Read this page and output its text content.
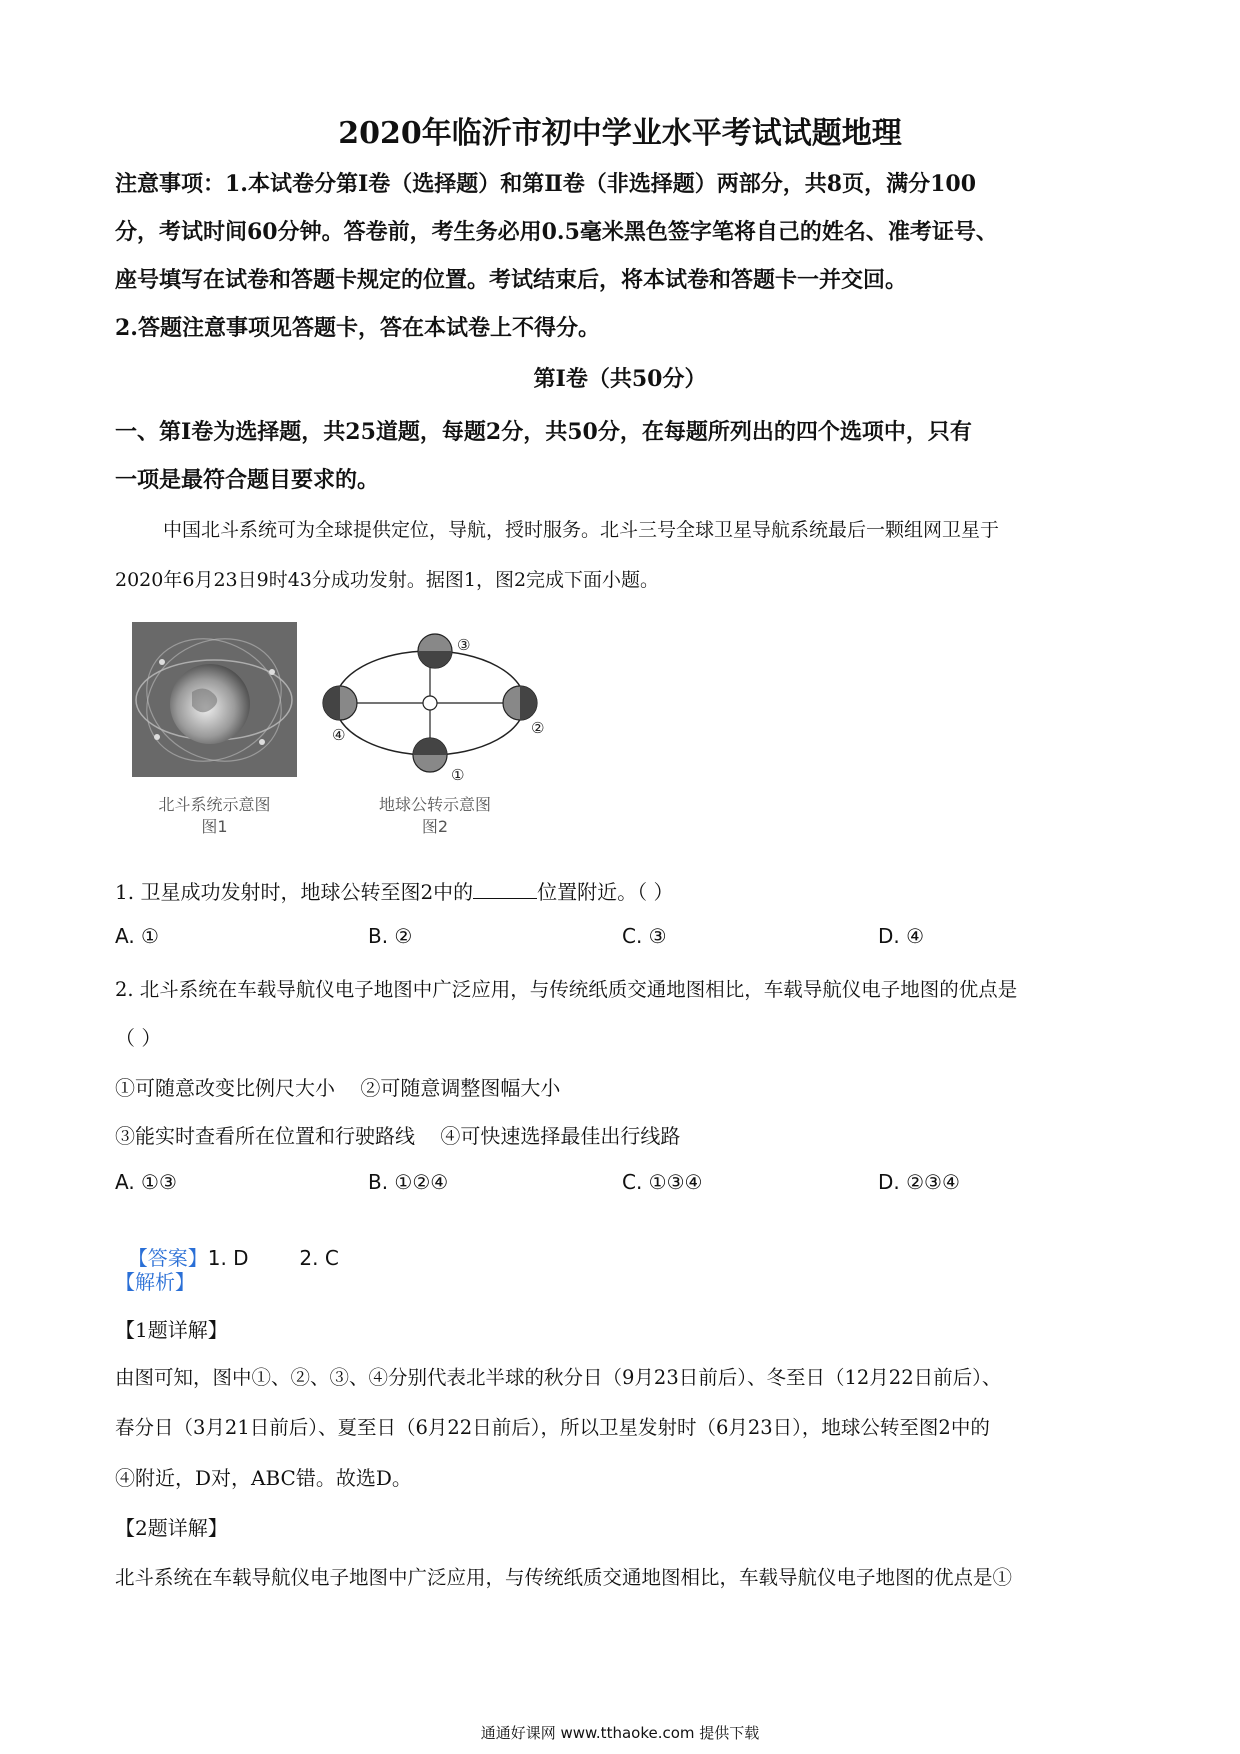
2020年临沂市初中学业水平考试试题地理
注意事项：1.本试卷分第Ⅰ卷（选择题）和第Ⅱ卷（非选择题）两部分，共8页，满分100
分，考试时间60分钟。答卷前，考生务必用0.5毫米黑色签字笔将自己的姓名、准考证号、
座号填写在试卷和答题卡规定的位置。考试结束后，将本试卷和答题卡一并交回。
2.答题注意事项见答题卡，答在本试卷上不得分。
第Ⅰ卷（共50分）
一、第Ⅰ卷为选择题，共25道题，每题2分，共50分，在每题所列出的四个选项中，只有
一项是最符合题目要求的。
中国北斗系统可为全球提供定位，导航，授时服务。北斗三号全球卫星导航系统最后一颗组网卫星于
2020年6月23日9时43分成功发射。据图1，图2完成下面小题。
北斗系统示意图
图1
③
②
①
④
地球公转示意图
图2
1. 卫星成功发射时，地球公转至图2中的	位置附近。（ ）
A. ①	B. ②	C. ③	D. ④
2. 北斗系统在车载导航仪电子地图中广泛应用，与传统纸质交通地图相比，车载导航仪电子地图的优点是
（ ）
①可随意改变比例尺大小    ②可随意调整图幅大小
③能实时查看所在位置和行驶路线    ④可快速选择最佳出行线路
A. ①③	B. ①②④	C. ①③④	D. ②③④

【答案】1. D        2. C

【解析】
【1题详解】
由图可知，图中①、②、③、④分别代表北半球的秋分日（9月23日前后）、冬至日（12月22日前后）、
春分日（3月21日前后）、夏至日（6月22日前后），所以卫星发射时（6月23日），地球公转至图2中的
④附近，D对，ABC错。故选D。
【2题详解】
北斗系统在车载导航仪电子地图中广泛应用，与传统纸质交通地图相比，车载导航仪电子地图的优点是①
通通好课网 www.tthaoke.com 提供下载
